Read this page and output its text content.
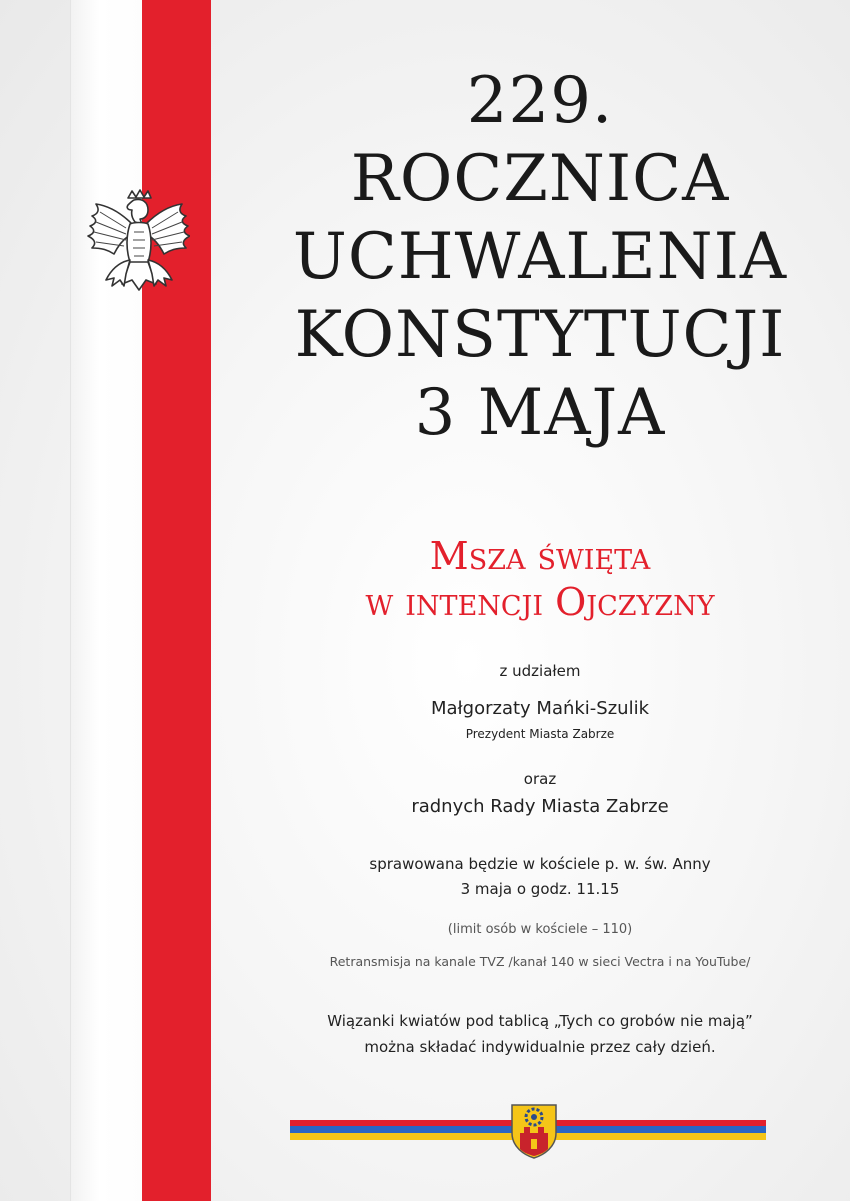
229.
ROCZNICA
UCHWALENIA
KONSTYTUCJI
3 MAJA
Msza święta
w intencji Ojczyzny
z udziałem
Małgorzaty Mańki-Szulik
Prezydent Miasta Zabrze
oraz
radnych Rady Miasta Zabrze
sprawowana będzie w kościele p. w. św. Anny
3 maja o godz. 11.15
(limit osób w kościele – 110)
Retransmisja na kanale TVZ /kanał 140 w sieci Vectra i na YouTube/
Wiązanki kwiatów pod tablicą „Tych co grobów nie mają”
można składać indywidualnie przez cały dzień.
